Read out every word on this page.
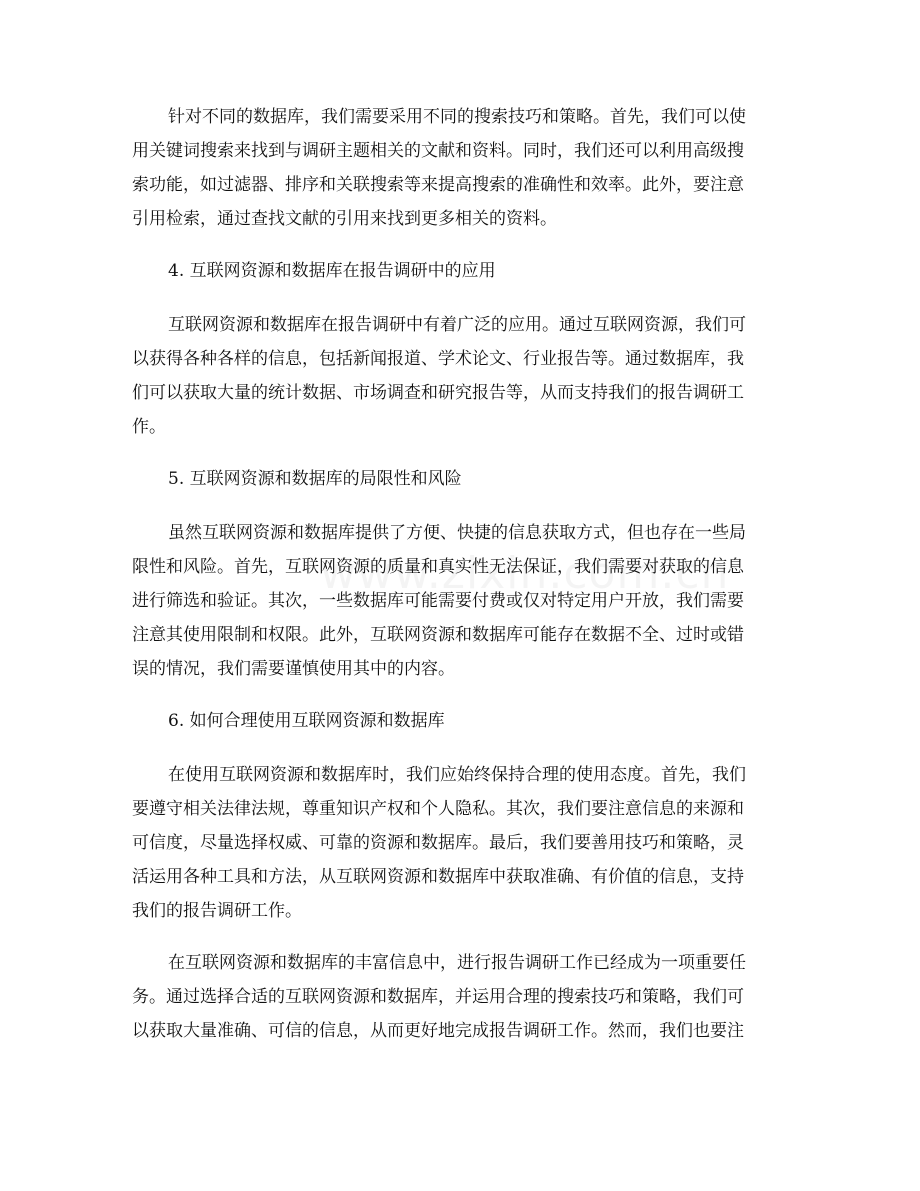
针对不同的数据库，我们需要采用不同的搜索技巧和策略。首先，我们可以使
用关键词搜索来找到与调研主题相关的文献和资料。同时，我们还可以利用高级搜
索功能，如过滤器、排序和关联搜索等来提高搜索的准确性和效率。此外，要注意
引用检索，通过查找文献的引用来找到更多相关的资料。
4. 互联网资源和数据库在报告调研中的应用
互联网资源和数据库在报告调研中有着广泛的应用。通过互联网资源，我们可
以获得各种各样的信息，包括新闻报道、学术论文、行业报告等。通过数据库，我
们可以获取大量的统计数据、市场调查和研究报告等，从而支持我们的报告调研工
作。
5. 互联网资源和数据库的局限性和风险
虽然互联网资源和数据库提供了方便、快捷的信息获取方式，但也存在一些局
限性和风险。首先，互联网资源的质量和真实性无法保证，我们需要对获取的信息
进行筛选和验证。其次，一些数据库可能需要付费或仅对特定用户开放，我们需要
注意其使用限制和权限。此外，互联网资源和数据库可能存在数据不全、过时或错
误的情况，我们需要谨慎使用其中的内容。
6. 如何合理使用互联网资源和数据库
在使用互联网资源和数据库时，我们应始终保持合理的使用态度。首先，我们
要遵守相关法律法规，尊重知识产权和个人隐私。其次，我们要注意信息的来源和
可信度，尽量选择权威、可靠的资源和数据库。最后，我们要善用技巧和策略，灵
活运用各种工具和方法，从互联网资源和数据库中获取准确、有价值的信息，支持
我们的报告调研工作。
在互联网资源和数据库的丰富信息中，进行报告调研工作已经成为一项重要任
务。通过选择合适的互联网资源和数据库，并运用合理的搜索技巧和策略，我们可
以获取大量准确、可信的信息，从而更好地完成报告调研工作。然而，我们也要注
